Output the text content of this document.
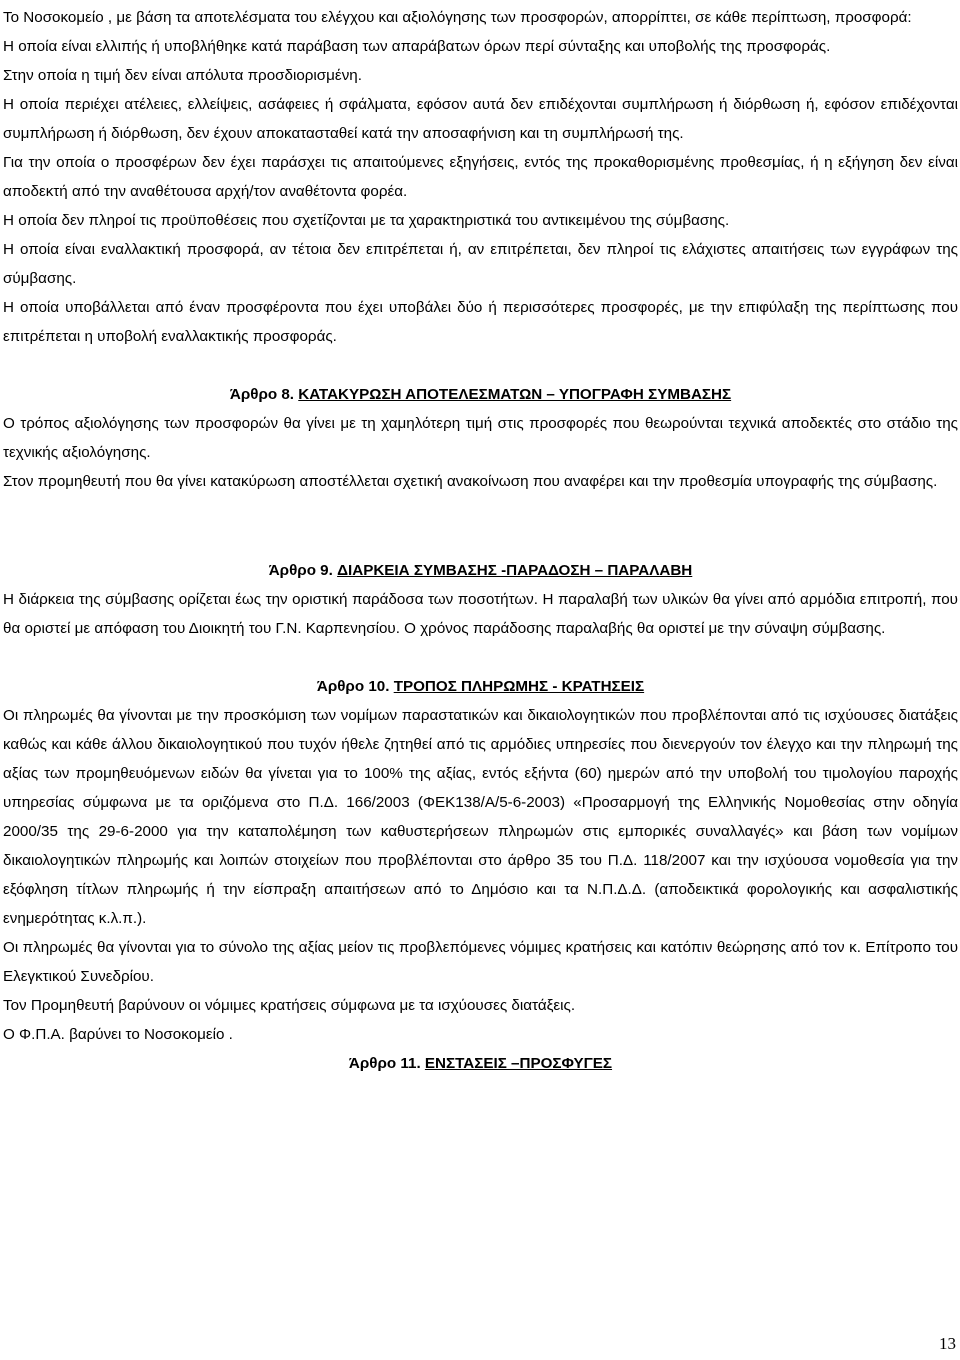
Το Νοσοκομείο , με βάση τα αποτελέσματα του ελέγχου και αξιολόγησης των προσφορών, απορρίπτει, σε κάθε περίπτωση, προσφορά:

Η οποία είναι ελλιπής ή υποβλήθηκε κατά παράβαση των απαράβατων όρων περί σύνταξης και υποβολής της προσφοράς.

Στην οποία η τιμή δεν είναι απόλυτα προσδιορισμένη.

Η οποία περιέχει ατέλειες, ελλείψεις, ασάφειες ή σφάλματα, εφόσον αυτά δεν επιδέχονται συμπλήρωση ή διόρθωση ή, εφόσον επιδέχονται συμπλήρωση ή διόρθωση, δεν έχουν αποκατασταθεί κατά την αποσαφήνιση και τη συμπλήρωσή της.

Για την οποία ο προσφέρων δεν έχει παράσχει τις απαιτούμενες εξηγήσεις, εντός της προκαθορισμένης προθεσμίας, ή η εξήγηση δεν είναι αποδεκτή από την αναθέτουσα αρχή/τον αναθέτοντα φορέα.

Η οποία δεν πληροί τις προϋποθέσεις που σχετίζονται με τα χαρακτηριστικά του αντικειμένου της σύμβασης.

Η οποία είναι εναλλακτική προσφορά, αν τέτοια δεν επιτρέπεται ή, αν επιτρέπεται, δεν πληροί τις ελάχιστες απαιτήσεις των εγγράφων της σύμβασης.

Η οποία υποβάλλεται από έναν προσφέροντα που έχει υποβάλει δύο ή περισσότερες προσφορές, με την επιφύλαξη της περίπτωσης που επιτρέπεται η υποβολή εναλλακτικής προσφοράς.

Άρθρο 8. ΚΑΤΑΚΥΡΩΣΗ ΑΠΟΤΕΛΕΣΜΑΤΩΝ – ΥΠΟΓΡΑΦΗ ΣΥΜΒΑΣΗΣ

Ο τρόπος αξιολόγησης των προσφορών θα γίνει με τη χαμηλότερη τιμή στις προσφορές που θεωρούνται τεχνικά αποδεκτές στο στάδιο της τεχνικής αξιολόγησης.

Στον προμηθευτή που θα γίνει κατακύρωση αποστέλλεται σχετική ανακοίνωση που αναφέρει και την προθεσμία υπογραφής της σύμβασης.

Άρθρο 9. ΔΙΑΡΚΕΙΑ ΣΥΜΒΑΣΗΣ -ΠΑΡΑΔΟΣΗ – ΠΑΡΑΛΑΒΗ

Η διάρκεια της σύμβασης ορίζεται έως την οριστική παράδοσα των ποσοτήτων. Η παραλαβή των υλικών θα γίνει από αρμόδια επιτροπή, που θα οριστεί με απόφαση του Διοικητή του Γ.Ν. Καρπενησίου. Ο χρόνος παράδοσης παραλαβής θα οριστεί με την σύναψη σύμβασης.

Άρθρο 10. ΤΡΟΠΟΣ ΠΛΗΡΩΜΗΣ - ΚΡΑΤΗΣΕΙΣ

Οι πληρωμές θα γίνονται με την προσκόμιση των νομίμων παραστατικών και δικαιολογητικών που προβλέπονται από τις ισχύουσες διατάξεις καθώς και κάθε άλλου δικαιολογητικού που τυχόν ήθελε ζητηθεί από τις αρμόδιες υπηρεσίες που διενεργούν τον έλεγχο και την πληρωμή της αξίας των προμηθευόμενων ειδών θα γίνεται για το 100% της αξίας, εντός εξήντα (60) ημερών από την υποβολή του τιμολογίου παροχής υπηρεσίας σύμφωνα με τα οριζόμενα στο Π.Δ. 166/2003 (ΦΕΚ138/Α/5-6-2003) «Προσαρμογή της Ελληνικής Νομοθεσίας στην οδηγία 2000/35 της 29-6-2000 για την καταπολέμηση των καθυστερήσεων πληρωμών στις εμπορικές συναλλαγές» και βάση των νομίμων δικαιολογητικών πληρωμής και λοιπών στοιχείων που προβλέπονται στο άρθρο 35 του Π.Δ. 118/2007 και την ισχύουσα νομοθεσία για την εξόφληση τίτλων πληρωμής ή την είσπραξη απαιτήσεων από το Δημόσιο και τα Ν.Π.Δ.Δ. (αποδεικτικά φορολογικής και ασφαλιστικής ενημερότητας κ.λ.π.).

Οι πληρωμές θα γίνονται για το σύνολο της αξίας μείον τις προβλεπόμενες νόμιμες κρατήσεις και κατόπιν θεώρησης από τον κ. Επίτροπο του Ελεγκτικού Συνεδρίου.

Τον Προμηθευτή βαρύνουν οι νόμιμες κρατήσεις σύμφωνα με τα ισχύουσες διατάξεις.

Ο Φ.Π.Α. βαρύνει το Νοσοκομείο .

Άρθρο 11. ΕΝΣΤΑΣΕΙΣ –ΠΡΟΣΦΥΓΕΣ

13
